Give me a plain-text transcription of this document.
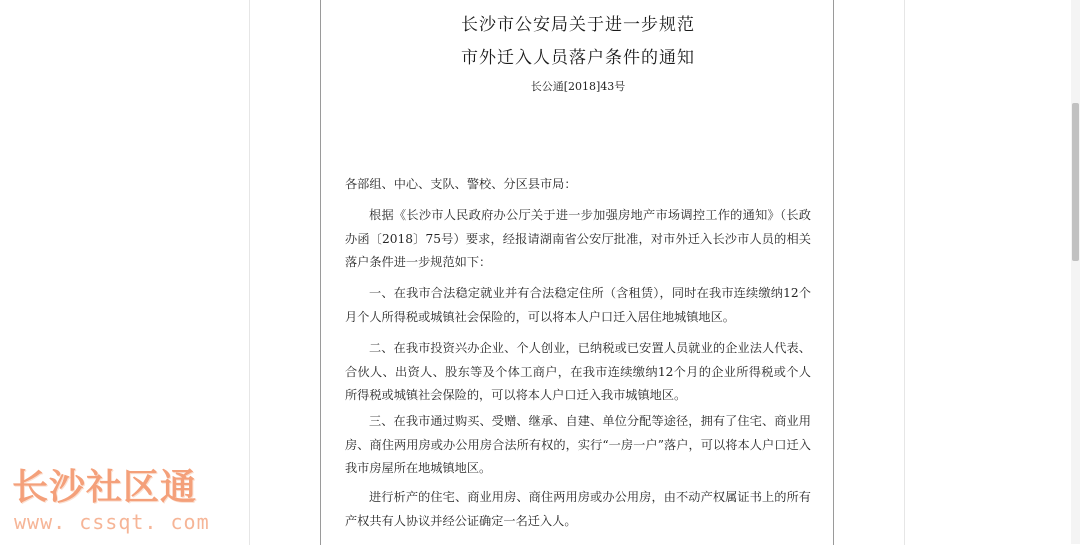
长沙市公安局关于进一步规范
市外迁入人员落户条件的通知
长公通[2018]43号

各部组、中心、支队、警校、分区县市局：

根据《长沙市人民政府办公厅关于进一步加强房地产市场调控工作的通知》（长政办函〔2018〕75号）要求，经报请湖南省公安厅批准，对市外迁入长沙市人员的相关落户条件进一步规范如下：

一、在我市合法稳定就业并有合法稳定住所（含租赁），同时在我市连续缴纳12个月个人所得税或城镇社会保险的，可以将本人户口迁入居住地城镇地区。

二、在我市投资兴办企业、个人创业，已纳税或已安置人员就业的企业法人代表、合伙人、出资人、股东等及个体工商户，在我市连续缴纳12个月的企业所得税或个人所得税或城镇社会保险的，可以将本人户口迁入我市城镇地区。

三、在我市通过购买、受赠、继承、自建、单位分配等途径，拥有了住宅、商业用房、商住两用房或办公用房合法所有权的，实行“一房一户”落户，可以将本人户口迁入我市房屋所在地城镇地区。

进行析产的住宅、商业用房、商住两用房或办公用房，由不动产权属证书上的所有产权共有人协议并经公证确定一名迁入人。

长沙社区通
www. cssqt. com
